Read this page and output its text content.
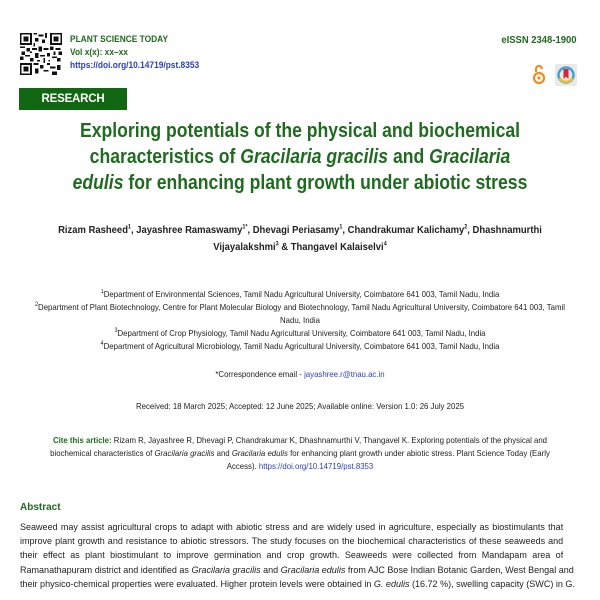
PLANT SCIENCE TODAY
Vol x(x): xx–xx
https://doi.org/10.14719/pst.8353
eISSN 2348-1900
RESEARCH ARTICLE
Exploring potentials of the physical and biochemical characteristics of Gracilaria gracilis and Gracilaria edulis for enhancing plant growth under abiotic stress
Rizam Rasheed$^1$, Jayashree Ramaswamy$^{1*}$, Dhevagi Periasamy$^1$, Chandrakumar Kalichamy$^2$, Dhashnamurthi Vijayalakshmi$^3$ & Thangavel Kalaiselvi$^4$
$^1$Department of Environmental Sciences, Tamil Nadu Agricultural University, Coimbatore 641 003, Tamil Nadu, India
$^2$Department of Plant Biotechnology, Centre for Plant Molecular Biology and Biotechnology, Tamil Nadu Agricultural University, Coimbatore 641 003, Tamil Nadu, India
$^3$Department of Crop Physiology, Tamil Nadu Agricultural University, Coimbatore 641 003, Tamil Nadu, India
$^4$Department of Agricultural Microbiology, Tamil Nadu Agricultural University, Coimbatore 641 003, Tamil Nadu, India
*Correspondence email - jayashree.r@tnau.ac.in
Received: 18 March 2025; Accepted: 12 June 2025; Available online: Version 1.0: 26 July 2025
Cite this article: Rizam R, Jayashree R, Dhevagi P, Chandrakumar K, Dhashnamurthi V, Thangavel K. Exploring potentials of the physical and biochemical characteristics of Gracilaria gracilis and Gracilaria edulis for enhancing plant growth under abiotic stress. Plant Science Today (Early Access). https://doi.org/10.14719/pst.8353
Abstract
Seaweed may assist agricultural crops to adapt with abiotic stress and are widely used in agriculture, especially as biostimulants that
improve plant growth and resistance to abiotic stressors. The study focuses on the biochemical characteristics of these seaweeds and
their effect as plant biostimulant to improve germination and crop growth. Seaweeds were collected from Mandapam area of
Ramanathapuram district and identified as Gracilaria gracilis and Gracilaria edulis from AJC Bose Indian Botanic Garden, West Bengal and
their physico-chemical properties were evaluated. Higher protein levels were obtained in G. edulis (16.72 %), swelling capacity (SWC) in G.
